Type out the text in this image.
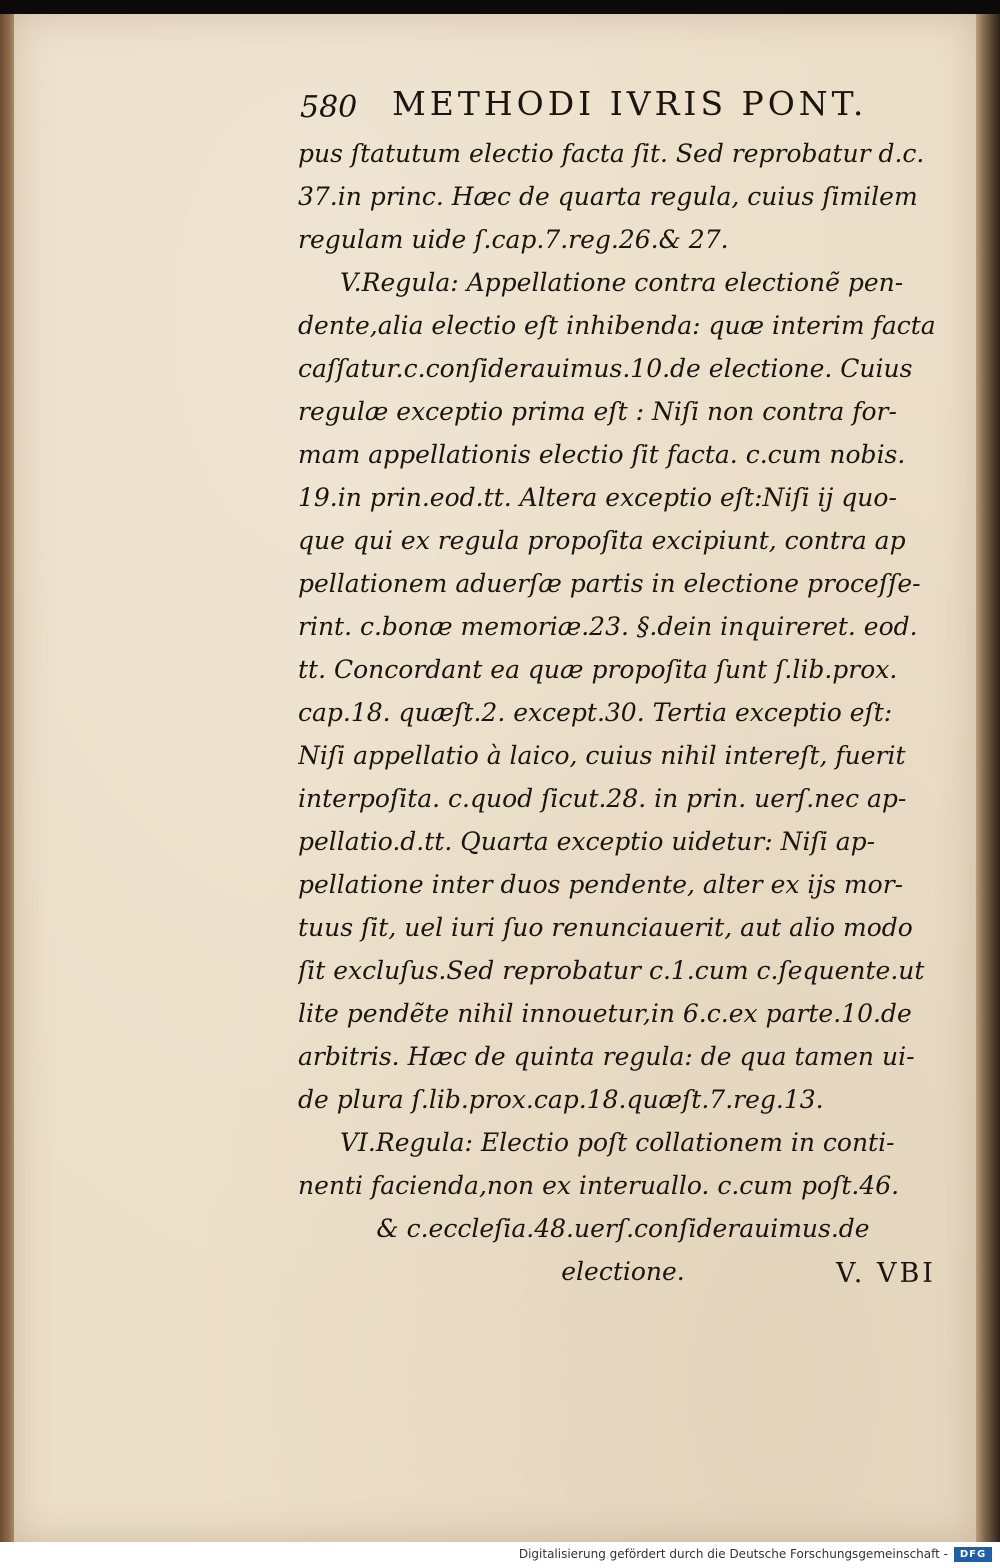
580 METHODI IVRIS PONT.
pus ſtatutum electio facta ſit. Sed reprobatur d.c.
37.in princ. Hæc de quarta regula, cuius ſimilem
regulam uide ſ.cap.7.reg.26.& 27.
V.Regula: Appellatione contra electionẽ pen-
dente,alia electio eſt inhibenda: quæ interim facta
caſſatur.c.conſiderauimus.10.de electione. Cuius
regulæ exceptio prima eſt : Niſi non contra for-
mam appellationis electio ſit facta. c.cum nobis.
19.in prin.eod.tt. Altera exceptio eſt:Niſi ij quo-
que qui ex regula propoſita excipiunt, contra ap
pellationem aduerſæ partis in electione proceſſe-
rint. c.bonæ memoriæ.23. §.dein inquireret. eod.
tt. Concordant ea quæ propoſita ſunt ſ.lib.prox.
cap.18. quæſt.2. except.30. Tertia exceptio eſt:
Niſi appellatio à laico, cuius nihil intereſt, fuerit
interpoſita. c.quod ſicut.28. in prin. uerſ.nec ap-
pellatio.d.tt. Quarta exceptio uidetur: Niſi ap-
pellatione inter duos pendente, alter ex ijs mor-
tuus ſit, uel iuri ſuo renunciauerit, aut alio modo
ſit excluſus.Sed reprobatur c.1.cum c.ſequente.ut
lite pendẽte nihil innouetur,in 6.c.ex parte.10.de
arbitris. Hæc de quinta regula: de qua tamen ui-
de plura ſ.lib.prox.cap.18.quæſt.7.reg.13.
VI.Regula: Electio poſt collationem in conti-
nenti facienda,non ex interuallo. c.cum poſt.46.
& c.eccleſia.48.uerſ.conſiderauimus.de
electione.	V. VBI
Digitalisierung gefördert durch die Deutsche Forschungsgemeinschaft -	DFG
